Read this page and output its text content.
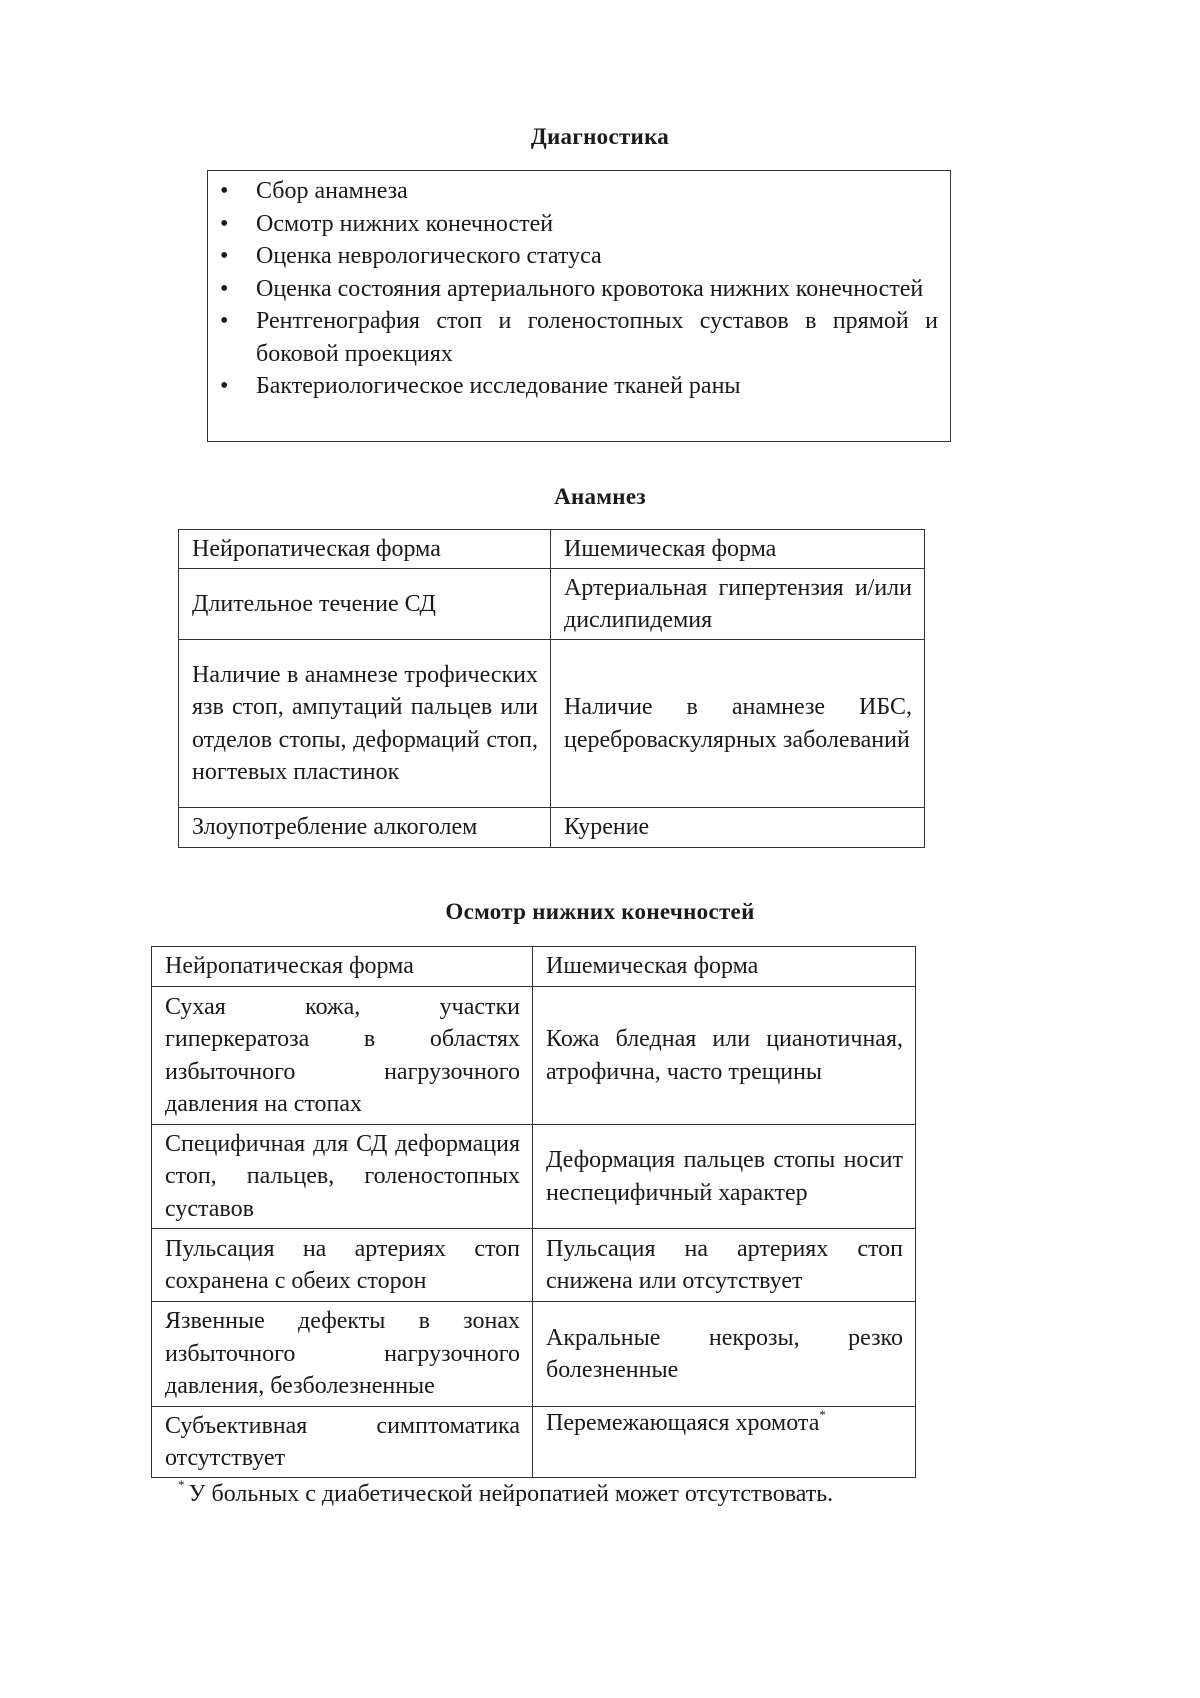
Диагностика
• Сбор анамнеза
• Осмотр нижних конечностей
• Оценка неврологического статуса
• Оценка состояния артериального кровотока нижних конечностей
• Рентгенография стоп и голеностопных суставов в прямой и боковой проекциях
• Бактериологическое исследование тканей раны
Анамнез
Нейропатическая форма	Ишемическая форма
Длительное течение СД	Артериальная гипертензия и/или дислипидемия
Наличие в анамнезе трофических язв стоп, ампутаций пальцев или отделов стопы, деформаций стоп, ногтевых пластинок	Наличие в анамнезе ИБС, цереброваскулярных заболеваний
Злоупотребление алкоголем	Курение
Осмотр нижних конечностей
Нейропатическая форма	Ишемическая форма
Сухая кожа, участки гиперкератоза в областях избыточного нагрузочного давления на стопах	Кожа бледная или цианотичная, атрофична, часто трещины
Специфичная для СД деформация стоп, пальцев, голеностопных суставов	Деформация пальцев стопы носит неспецифичный характер
Пульсация на артериях стоп сохранена с обеих сторон	Пульсация на артериях стоп снижена или отсутствует
Язвенные дефекты в зонах избыточного нагрузочного давления, безболезненные	Акральные некрозы, резко болезненные
Субъективная симптоматика отсутствует	Перемежающаяся хромота*
* У больных с диабетической нейропатией может отсутствовать.
